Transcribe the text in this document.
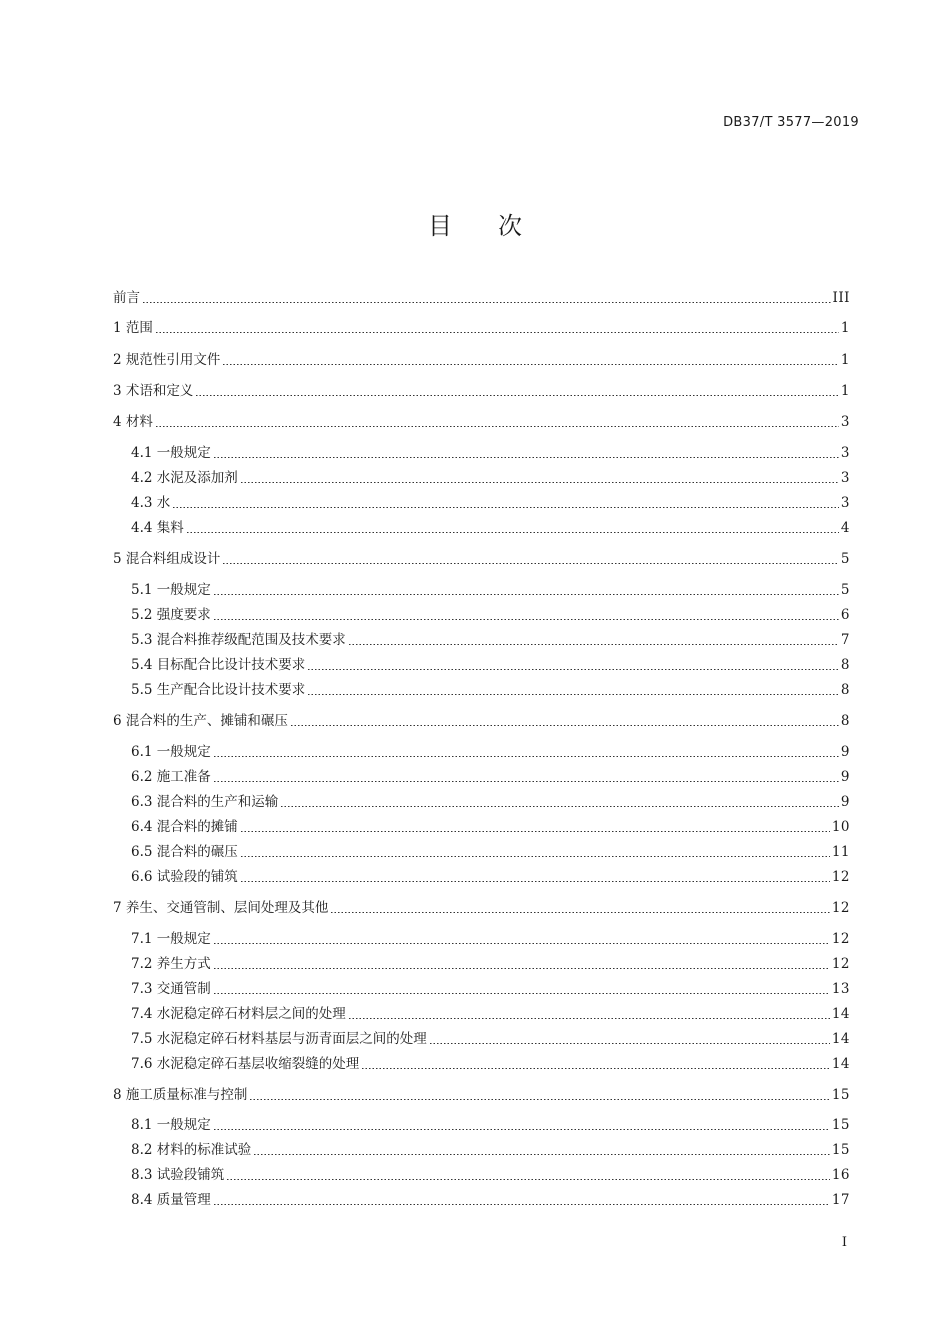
DB37/T 3577—2019
目次
前言	III
1 范围	1
2 规范性引用文件	1
3 术语和定义	1
4 材料	3
4.1 一般规定	3
4.2 水泥及添加剂	3
4.3 水	3
4.4 集料	4
5 混合料组成设计	5
5.1 一般规定	5
5.2 强度要求	6
5.3 混合料推荐级配范围及技术要求	7
5.4 目标配合比设计技术要求	8
5.5 生产配合比设计技术要求	8
6 混合料的生产、摊铺和碾压	8
6.1 一般规定	9
6.2 施工准备	9
6.3 混合料的生产和运输	9
6.4 混合料的摊铺	10
6.5 混合料的碾压	11
6.6 试验段的铺筑	12
7 养生、交通管制、层间处理及其他	12
7.1 一般规定	12
7.2 养生方式	12
7.3 交通管制	13
7.4 水泥稳定碎石材料层之间的处理	14
7.5 水泥稳定碎石材料基层与沥青面层之间的处理	14
7.6 水泥稳定碎石基层收缩裂缝的处理	14
8 施工质量标准与控制	15
8.1 一般规定	15
8.2 材料的标准试验	15
8.3 试验段铺筑	16
8.4 质量管理	17
I
